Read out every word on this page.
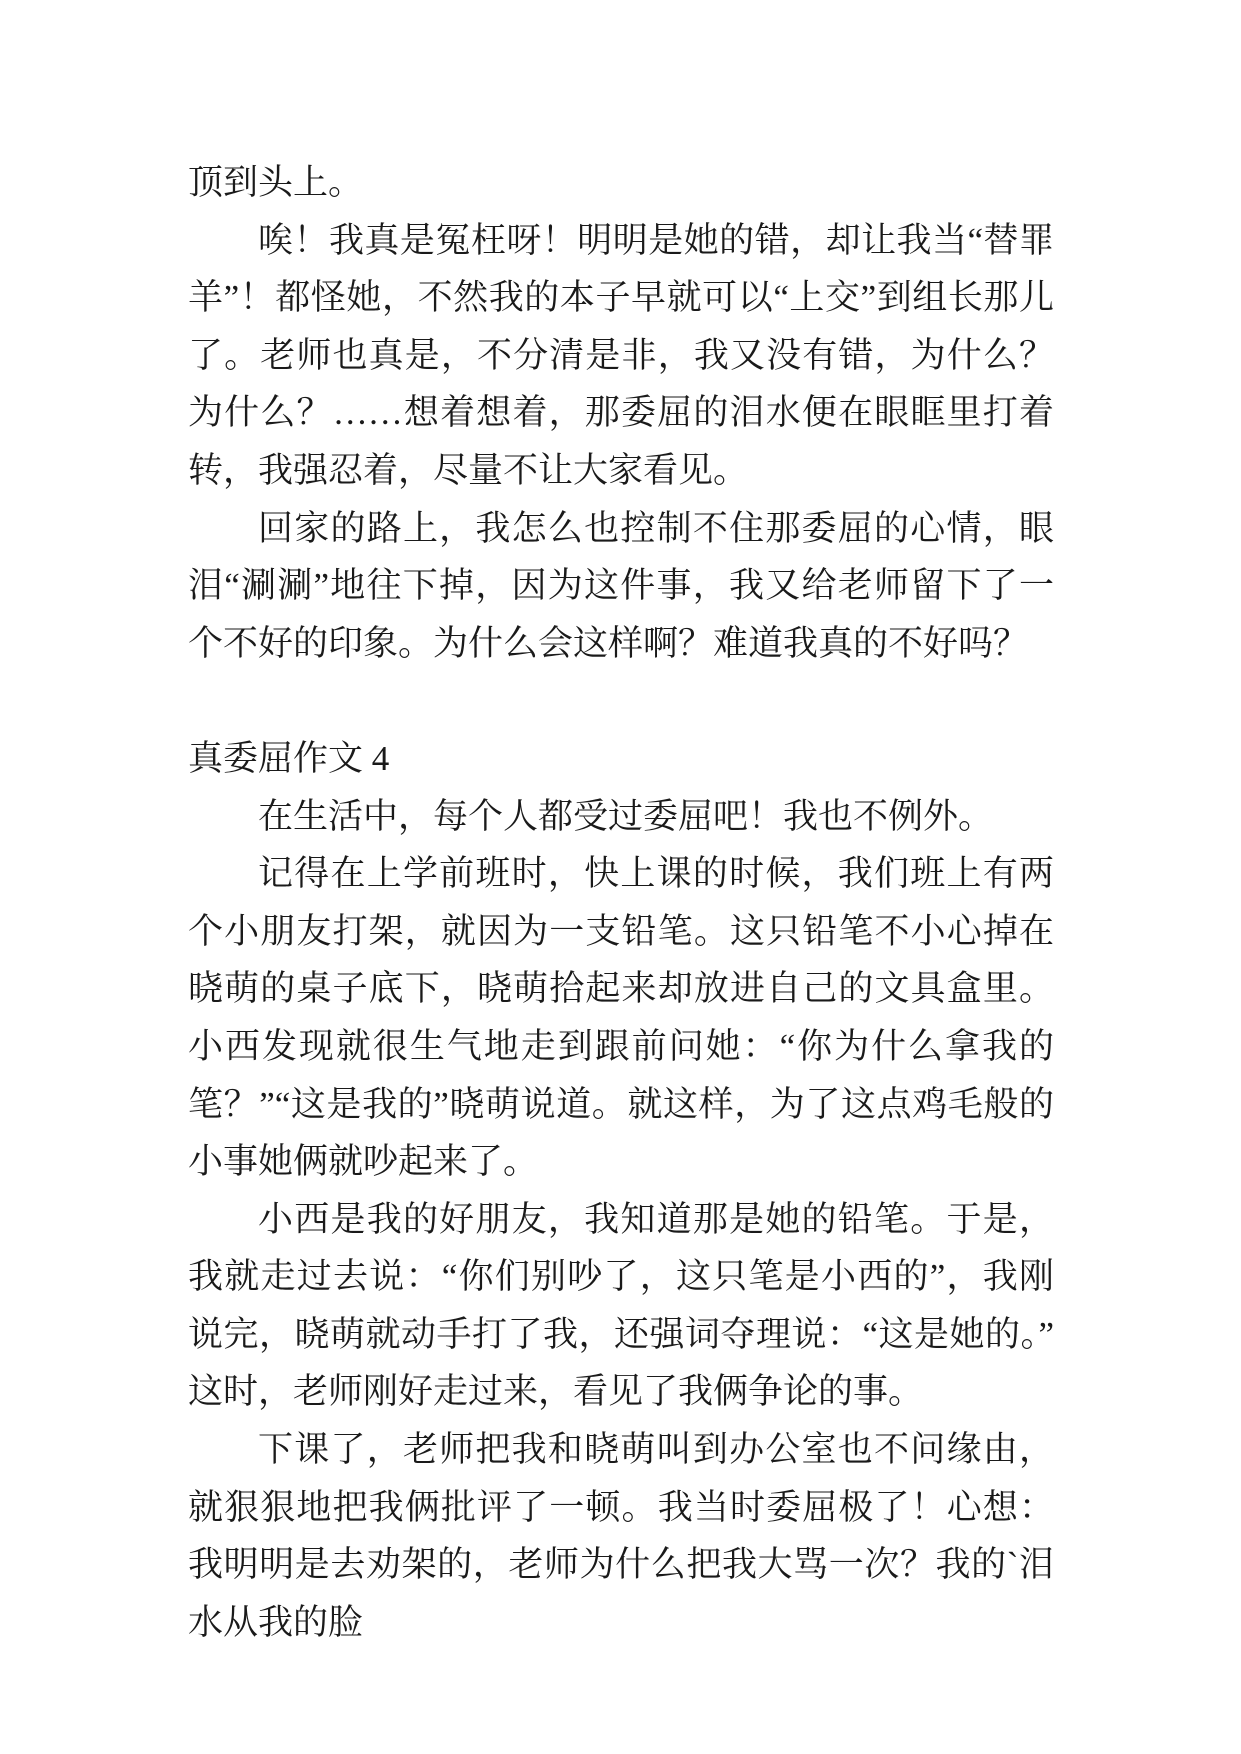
顶到头上。

唉！我真是冤枉呀！明明是她的错，却让我当“替罪羊”！都怪她，不然我的本子早就可以“上交”到组长那儿了。老师也真是，不分清是非，我又没有错，为什么？为什么？……想着想着，那委屈的泪水便在眼眶里打着转，我强忍着，尽量不让大家看见。

回家的路上，我怎么也控制不住那委屈的心情，眼泪“涮涮”地往下掉，因为这件事，我又给老师留下了一个不好的印象。为什么会这样啊？难道我真的不好吗？

真委屈作文 4

在生活中，每个人都受过委屈吧！我也不例外。

记得在上学前班时，快上课的时候，我们班上有两个小朋友打架，就因为一支铅笔。这只铅笔不小心掉在晓萌的桌子底下，晓萌拾起来却放进自己的文具盒里。小西发现就很生气地走到跟前问她：“你为什么拿我的笔？”“这是我的”晓萌说道。就这样，为了这点鸡毛般的小事她俩就吵起来了。

小西是我的好朋友，我知道那是她的铅笔。于是，我就走过去说：“你们别吵了，这只笔是小西的”，我刚说完，晓萌就动手打了我，还强词夺理说：“这是她的。”这时，老师刚好走过来，看见了我俩争论的事。

下课了，老师把我和晓萌叫到办公室也不问缘由，就狠狠地把我俩批评了一顿。我当时委屈极了！心想：我明明是去劝架的，老师为什么把我大骂一次？我的`泪水从我的脸
